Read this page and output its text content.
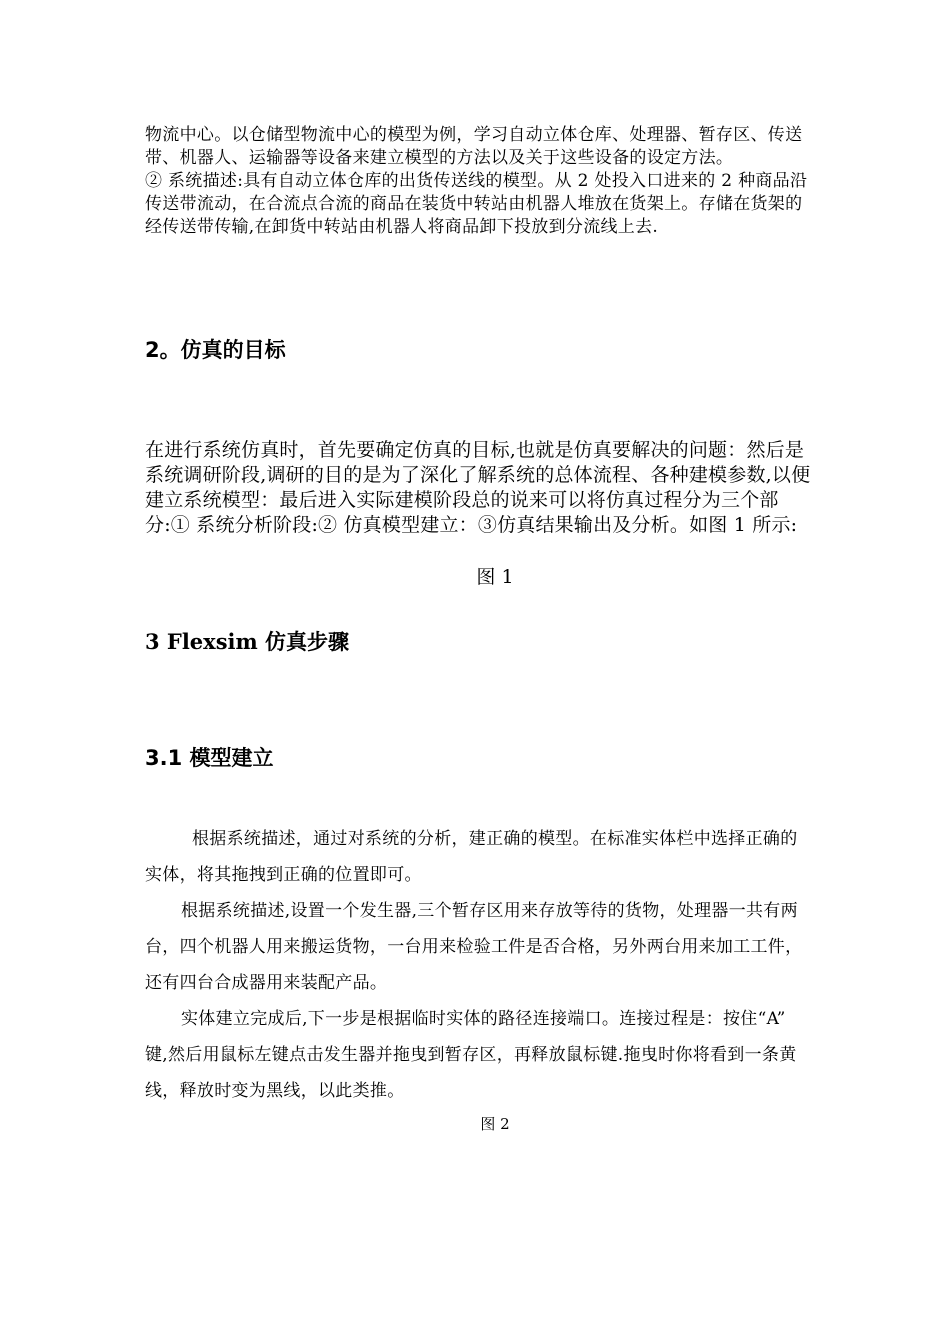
物流中心。以仓储型物流中心的模型为例，学习自动立体仓库、处理器、暂存区、传送带、机器人、运输器等设备来建立模型的方法以及关于这些设备的设定方法。

② 系统描述:具有自动立体仓库的出货传送线的模型。从 2 处投入口进来的 2 种商品沿传送带流动，在合流点合流的商品在装货中转站由机器人堆放在货架上。存储在货架的经传送带传输,在卸货中转站由机器人将商品卸下投放到分流线上去.

2。仿真的目标

在进行系统仿真时，首先要确定仿真的目标,也就是仿真要解决的问题：然后是系统调研阶段,调研的目的是为了深化了解系统的总体流程、各种建模参数,以便建立系统模型：最后进入实际建模阶段总的说来可以将仿真过程分为三个部分:① 系统分析阶段:② 仿真模型建立：③仿真结果输出及分析。如图 1 所示:

图 1
3 Flexsim 仿真步骤
3.1 模型建立

根据系统描述，通过对系统的分析，建正确的模型。在标准实体栏中选择正确的实体，将其拖拽到正确的位置即可。

根据系统描述,设置一个发生器,三个暂存区用来存放等待的货物，处理器一共有两台，四个机器人用来搬运货物，一台用来检验工件是否合格，另外两台用来加工工件，还有四台合成器用来装配产品。

实体建立完成后,下一步是根据临时实体的路径连接端口。连接过程是：按住“A” 键,然后用鼠标左键点击发生器并拖曳到暂存区，再释放鼠标键.拖曳时你将看到一条黄线，释放时变为黑线，以此类推。

图 2
